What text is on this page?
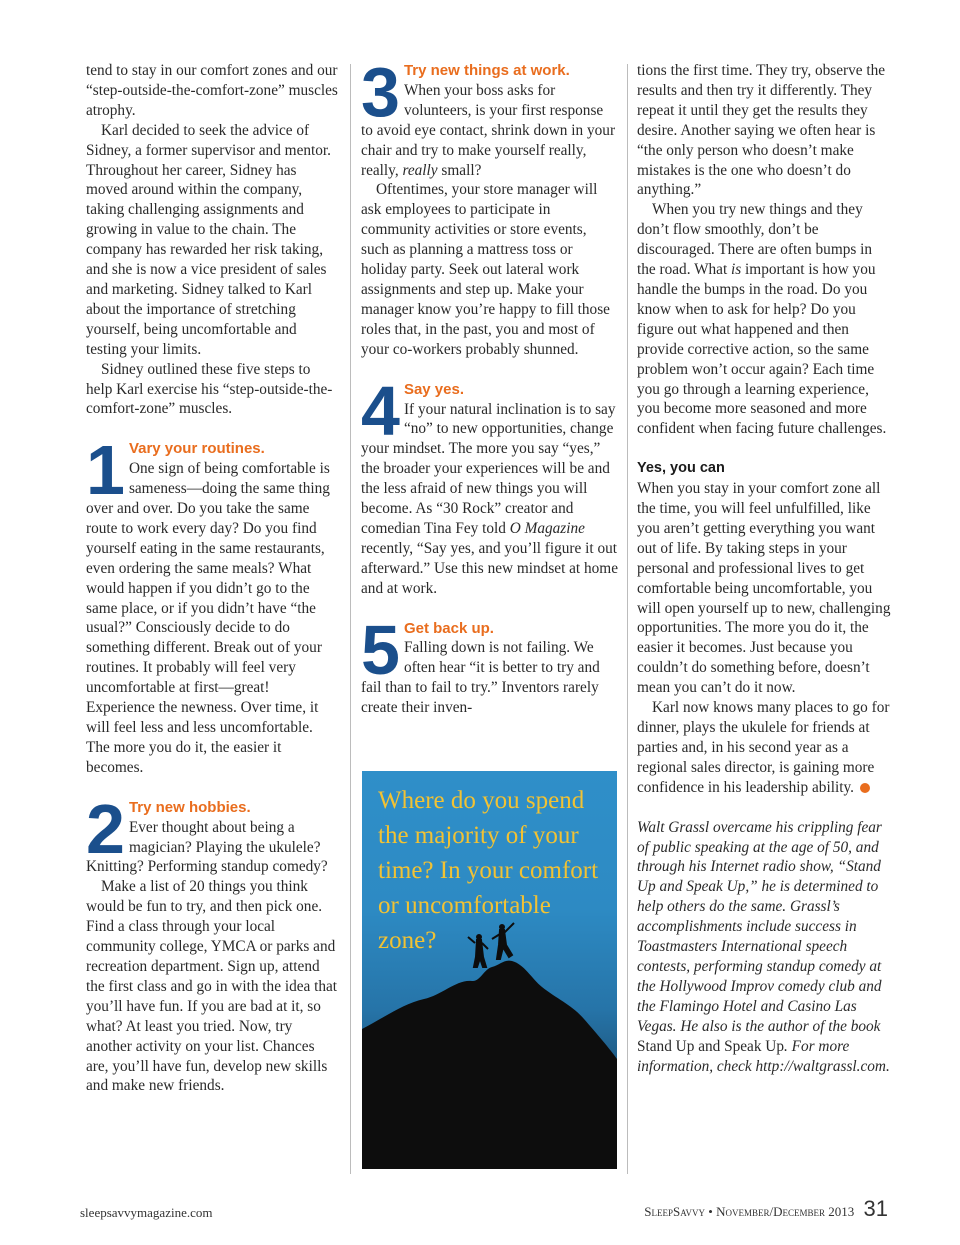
tend to stay in our comfort zones and our “step-outside-the-comfort-zone” muscles atrophy.

Karl decided to seek the advice of Sidney, a former supervisor and mentor. Throughout her career, Sidney has moved around within the company, taking challenging assignments and growing in value to the chain. The company has rewarded her risk taking, and she is now a vice president of sales and marketing. Sidney talked to Karl about the importance of stretching yourself, being uncomfortable and testing your limits.

Sidney outlined these five steps to help Karl exercise his “step-outside-the-comfort-zone” muscles.

1 Vary your routines.

One sign of being comfortable is sameness—doing the same thing over and over. Do you take the same route to work every day? Do you find yourself eating in the same restaurants, even ordering the same meals? What would happen if you didn’t go to the same place, or if you didn’t have “the usual?” Consciously decide to do something different. Break out of your routines. It probably will feel very uncomfortable at first—great! Experience the newness. Over time, it will feel less and less uncomfortable. The more you do it, the easier it becomes.

2 Try new hobbies.

Ever thought about being a magician? Playing the ukulele? Knitting? Performing standup comedy?

Make a list of 20 things you think would be fun to try, and then pick one. Find a class through your local community college, YMCA or parks and recreation department. Sign up, attend the first class and go in with the idea that you’ll have fun. If you are bad at it, so what? At least you tried. Now, try another activity on your list. Chances are, you’ll have fun, develop new skills and make new friends.

3 Try new things at work.

When your boss asks for volunteers, is your first response to avoid eye contact, shrink down in your chair and try to make yourself really, really, really small?

Oftentimes, your store manager will ask employees to participate in community activities or store events, such as planning a mattress toss or holiday party. Seek out lateral work assignments and step up. Make your manager know you’re happy to fill those roles that, in the past, you and most of your co-workers probably shunned.

4 Say yes.

If your natural inclination is to say “no” to new opportunities, change your mindset. The more you say “yes,” the broader your experiences will be and the less afraid of new things you will become. As “30 Rock” creator and comedian Tina Fey told O Magazine recently, “Say yes, and you’ll figure it out afterward.” Use this new mindset at home and at work.

5 Get back up.

Falling down is not failing. We often hear “it is better to try and fail than to fail to try.” Inventors rarely create their inven-

Where do you spend the majority of your time? In your comfort or uncomfortable zone?

tions the first time. They try, observe the results and then try it differently. They repeat it until they get the results they desire. Another saying we often hear is “the only person who doesn’t make mistakes is the one who doesn’t do anything.”

When you try new things and they don’t flow smoothly, don’t be discouraged. There are often bumps in the road. What is important is how you handle the bumps in the road. Do you know when to ask for help? Do you figure out what happened and then provide corrective action, so the same problem won’t occur again? Each time you go through a learning experience, you become more seasoned and more confident when facing future challenges.

Yes, you can

When you stay in your comfort zone all the time, you will feel unfulfilled, like you aren’t getting everything you want out of life. By taking steps in your personal and professional lives to get comfortable being uncomfortable, you will open yourself up to new, challenging opportunities. The more you do it, the easier it becomes. Just because you couldn’t do something before, doesn’t mean you can’t do it now.

Karl now knows many places to go for dinner, plays the ukulele for friends at parties and, in his second year as a regional sales director, is gaining more confidence in his leadership ability.

Walt Grassl overcame his crippling fear of public speaking at the age of 50, and through his Internet radio show, “Stand Up and Speak Up,” he is determined to help others do the same. Grassl’s accomplishments include success in Toastmasters International speech contests, performing standup comedy at the Hollywood Improv comedy club and the Flamingo Hotel and Casino Las Vegas. He also is the author of the book Stand Up and Speak Up. For more information, check http://waltgrassl.com.

sleepsavvymagazine.com	SleepSavvy • November/December 2013 31
